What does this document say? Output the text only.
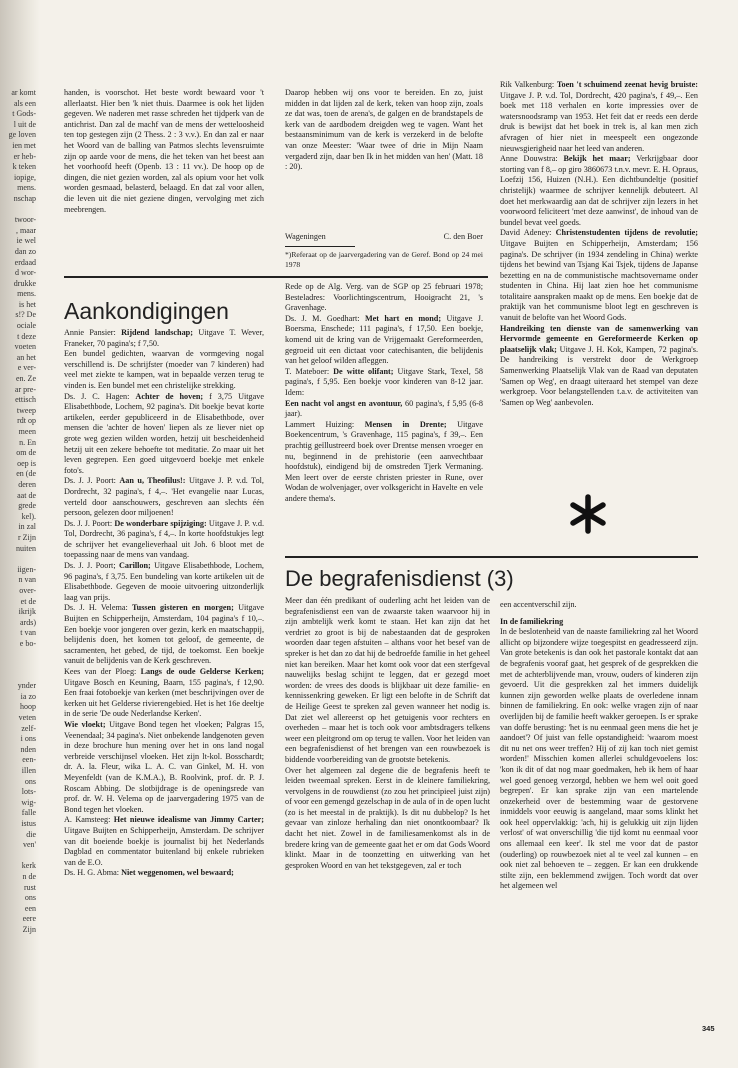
ar komt
als een
t Gods-
l uit de
ge loven
ien met
er heb-
k teken
iopige,
mens.
nschap

twoor-
, maar
ie wel
dan zo
erdaad
d wor-
drukke
mens.
is het
s!? De
ociale
t deze
voeten
an het
e ver-
en. Ze
ar pre-
ettisch
tweep
rdt op
meen
n. En
om de
oep is
en (de
deren
aat de
grede
kel).
in zal
r Zijn
nuiten

iigen-
n van
over-
et de
ikrijk
ards)
t van
e bo-

ynder
ia zo
hoop
veten
zelf-
i ons
nden
een-
illen
ons
lots-
wig-
falle
istus
die
ven'

kerk
n de
rust
ons
een
eere
Zijn

handen, is voorschot. Het beste wordt bewaard voor 't allerlaatst. Hier ben 'k niet thuis. Daarmee is ook het lijden gegeven. We naderen met rasse schreden het tijdperk van de antichrist. Dan zal de machf van de mens der wetteloosheid ten top gestegen zijn (2 Thess. 2 : 3 v.v.). En dan zal er naar het Woord van de balling van Patmos slechts levensruimte zijn op aarde voor de mens, die het teken van het beest aan het voorhoofd heeft (Openb. 13 : 11 vv.). De hoop op de dingen, die niet gezien worden, zal als opium voor het volk worden gesmaad, belasterd, belaagd. En dat zal voor allen, die leven uit die niet geziene dingen, vervolging met zich meebrengen.

Daarop hebben wij ons voor te bereiden. En zo, juist midden in dat lijden zal de kerk, teken van hoop zijn, zoals ze dat was, toen de arena's, de galgen en de brandstapels de kerk van de aardbodem dreigden weg te vagen. Want het bestaansminimum van de kerk is verzekerd in de belofte van onze Meester: 'Waar twee of drie in Mijn Naam vergaderd zijn, daar ben Ik in het midden van hen' (Matt. 18 : 20).

Wageningen	C. den Boer

*)Referaat op de jaarvergadering van de Geref. Bond op 24 mei 1978

Aankondigingen

Annie Pansier: Rijdend landschap; Uitgave T. Wever, Franeker, 70 pagina's; f 7,50.

Een bundel gedichten, waarvan de vormgeving nogal verschillend is. De schrijfster (moeder van 7 kinderen) had veel met ziekte te kampen, wat in bepaalde verzen terug te vinden is. Een bundel met een christelijke strekking.

Ds. J. C. Hagen: Achter de hoven; f 3,75 Uitgave Elisabethbode, Lochem, 92 pagina's. Dit boekje bevat korte artikelen, eerder gepubliceerd in de Elisabethbode, over mensen die 'achter de hoven' liepen als ze liever niet op grote weg gezien wilden worden, hetzij uit bescheidenheid hetzij uit een zekere behoefte tot meditatie. Zo maar uit het leven gegrepen. Een goed uitgevoerd boekje met enkele foto's.

Ds. J. J. Poort: Aan u, Theofilus!: Uitgave J. P. v.d. Tol, Dordrecht, 32 pagina's, f 4,–. 'Het evangelie naar Lucas, verteld door aanschouwers, geschreven aan slechts één persoon, gelezen door miljoenen!

Ds. J. J. Poort: De wonderbare spijziging: Uitgave J. P. v.d. Tol, Dordrecht, 36 pagina's, f 4,–. In korte hoofdstukjes legt de schrijver het evangelieverhaal uit Joh. 6 bloot met de toepassing naar de mens van vandaag.

Ds. J. J. Poort; Carillon; Uitgave Elisabethbode, Lochem, 96 pagina's, f 3,75. Een bundeling van korte artikelen uit de Elisabethbode. Gegeven de mooie uitvoering uitzonderlijk laag van prijs.

Ds. J. H. Velema: Tussen gisteren en morgen; Uitgave Buijten en Schipperheijn, Amsterdam, 104 pagina's f 10,–. Een boekje voor jongeren over gezin, kerk en maatschappij, belijdenis doen, het komen tot geloof, de gemeente, de sacramenten, het gebed, de tijd, de toekomst. Een boekje vanuit de belijdenis van de Kerk geschreven.

Kees van der Ploeg: Langs de oude Gelderse Kerken; Uitgave Bosch en Keuning, Baarn, 155 pagina's, f 12,90. Een fraai fotoboekje van kerken (met beschrijvingen over de kerken uit het Gelderse rivierengebied. Het is het 16e deeltje in de serie 'De oude Nederlandse Kerken'.

Wie vloekt; Uitgave Bond tegen het vloeken; Palgras 15, Veenendaal; 34 pagina's. Niet onbekende landgenoten geven in deze brochure hun mening over het in ons land nogal verbreide verschijnsel vloeken. Het zijn lt-kol. Bosschardt; dr. A. la. Fleur, wika L. A. C. van Ginkel, M. H. von Meyenfeldt (van de K.M.A.), B. Roolvink, prof. dr. P. J. Roscam Abbing. De slotbijdrage is de openingsrede van prof. dr. W. H. Velema op de jaarvergadering 1975 van de Bond tegen het vloeken.

A. Kamsteeg: Het nieuwe idealisme van Jimmy Carter; Uitgave Buijten en Schipperheijn, Amsterdam. De schrijver van dit boeiende boekje is journalist bij het Nederlands Dagblad en commentator buitenland bij enkele rubrieken van de E.O.

Ds. H. G. Abma: Niet weggenomen, wel bewaard;

Rede op de Alg. Verg. van de SGP op 25 februari 1978; Besteladres: Voorlichtingscentrum, Hooigracht 21, 's Gravenhage.

Ds. J. M. Goedhart: Met hart en mond; Uitgave J. Boersma, Enschede; 111 pagina's, f 17,50. Een boekje, komend uit de kring van de Vrijgemaakt Gereformeerden, gegroeid uit een dictaat voor catechisanten, die belijdenis van het geloof wilden afleggen.

T. Mateboer: De witte olifant; Uitgave Stark, Texel, 58 pagina's, f 5,95. Een boekje voor kinderen van 8-12 jaar. Idem:

Een nacht vol angst en avontuur, 60 pagina's, f 5,95 (6-8 jaar).

Lammert Huizing: Mensen in Drente; Uitgave Boekencentrum, 's Gravenhage, 115 pagina's, f 39,–. Een prachtig geïllustreerd boek over Drentse mensen vroeger en nu, beginnend in de prehistorie (een aanvechtbaar hoofdstuk), eindigend bij de omstreden Tjerk Vermaning. Men leert over de eerste christen priester in Rune, over Wodan de wolvenjager, over volksgericht in Havelte en vele andere thema's.

Rik Valkenburg: Toen 't schuimend zeenat hevig bruiste: Uitgave J. P. v.d. Tol, Dordrecht, 420 pagina's, f 49,–. Een boek met 118 verhalen en korte impressies over de watersnoodsramp van 1953. Het feit dat er reeds een derde druk is bewijst dat het boek in trek is, al kan men zich afvragen of hier niet in meespeelt een ongezonde nieuwsgierigheid naar het leed van anderen.

Anne Douwstra: Bekijk het maar; Verkrijgbaar door storting van f 8,– op giro 3860673 t.n.v. mevr. E. H. Opraus, Loefzij 156, Huizen (N.H.). Een dichtbundeltje (positief christelijk) waarmee de schrijver kennelijk debuteert. Al doet het merkwaardig aan dat de schrijver zijn lezers in het voorwoord feliciteert 'met deze aanwinst', de inhoud van de bundel bevat veel goeds.

David Adeney: Christenstudenten tijdens de revolutie; Uitgave Buijten en Schipperheijn, Amsterdam; 156 pagina's. De schrijver (in 1934 zendeling in China) werkte tijdens het bewind van Tsjang Kai Tsjek, tijdens de Japanse bezetting en na de communistische machtsovername onder studenten in China. Hij laat zien hoe het communisme totalitaire aanspraken maakt op de mens. Een boekje dat de praktijk van het communisme bloot legt en geschreven is vanuit de belofte van het Woord Gods.

Handreiking ten dienste van de samenwerking van Hervormde gemeente en Gereformeerde Kerken op plaatselijk vlak; Uitgave J. H. Kok, Kampen, 72 pagina's. De handreiking is verstrekt door de Werkgroep Samenwerking Plaatselijk Vlak van de Raad van deputaten 'Samen op Weg', en draagt uiteraard het stempel van deze werkgroep. Voor belangstellenden t.a.v. de activiteiten van 'Samen op Weg' aanbevolen.

De begrafenisdienst (3)

Meer dan één predikant of ouderling acht het leiden van de begrafenisdienst een van de zwaarste taken waarvoor hij in zijn ambtelijk werk komt te staan. Het kan zijn dat het verdriet zo groot is bij de nabestaanden dat de gesproken woorden daar tegen afstuiten – althans voor het besef van de spreker is het dan zo dat hij de bedroefde familie in het geheel niet kan bereiken. Maar het komt ook voor dat een sterfgeval nauwelijks beslag schijnt te leggen, dat er gezegd moet worden: de vrees des doods is blijkbaar uit deze familie- en kennissenkring geweken. Er ligt een belofte in de Schrift dat de Heilige Geest te spreken zal geven wanneer het nodig is. Dat ziet wel allereerst op het getuigenis voor rechters en overheden – maar het is toch ook voor ambtsdragers telkens weer een pleitgrond om op terug te vallen. Voor het leiden van een begrafenisdienst of het brengen van een rouwbezoek is biddende voorbereiding van de grootste betekenis.

Over het algemeen zal degene die de begrafenis heeft te leiden tweemaal spreken. Eerst in de kleinere familiekring, vervolgens in de rouwdienst (zo zou het principieel juist zijn) of voor een gemengd gezelschap in de aula of in de open lucht (zo is het meestal in de praktijk). Is dit nu dubbelop? Is het gevaar van zinloze herhaling dan niet onontkoombaar? Ik dacht het niet. Zowel in de familiesamenkomst als in de bredere kring van de gemeente gaat het er om dat Gods Woord klinkt. Maar in de toonzetting en uitwerking van het gesproken Woord en van het tekstgegeven, zal er toch

een accentverschil zijn.

In de familiekring

In de beslotenheid van de naaste familiekring zal het Woord allicht op bijzondere wijze toegespitst en geadresseerd zijn. Van grote betekenis is dan ook het pastorale kontakt dat aan de begrafenis vooraf gaat, het gesprek of de gesprekken die met de achterblijvende man, vrouw, ouders of kinderen zijn gevoerd. Uit die gesprekken zal het immers duidelijk kunnen zijn geworden welke plaats de overledene innam binnen de familiekring. En ook: welke vragen zijn of naar overlijden bij de familie heeft wakker geroepen. Is er sprake van doffe berusting: 'het is nu eenmaal geen mens die het je aandoet'? Of juist van felle opstandigheid: 'waarom moest dit nu net ons weer treffen? Hij of zij kan toch niet gemist worden!' Misschien komen allerlei schuldgevoelens los: 'kon ik dit of dat nog maar goedmaken, heb ik hem of haar wel goed genoeg verzorgd, hebben we hem wel ooit goed begrepen'. Er kan sprake zijn van een martelende onzekerheid over de bestemming waar de gestorvene inmiddels voor eeuwig is aangeland, maar soms klinkt het ook heel oppervlakkig: 'ach, hij is gelukkig uit zijn lijden verlost' of wat onverschillig 'die tijd komt nu eenmaal voor ons allemaal een keer'. Ik stel me voor dat de pastor (ouderling) op rouwbezoek niet al te veel zal kunnen – en ook niet zal behoeven te – zeggen. Er kan een drukkende stilte zijn, een beklemmend zwijgen. Toch wordt dat over het algemeen wel

345
